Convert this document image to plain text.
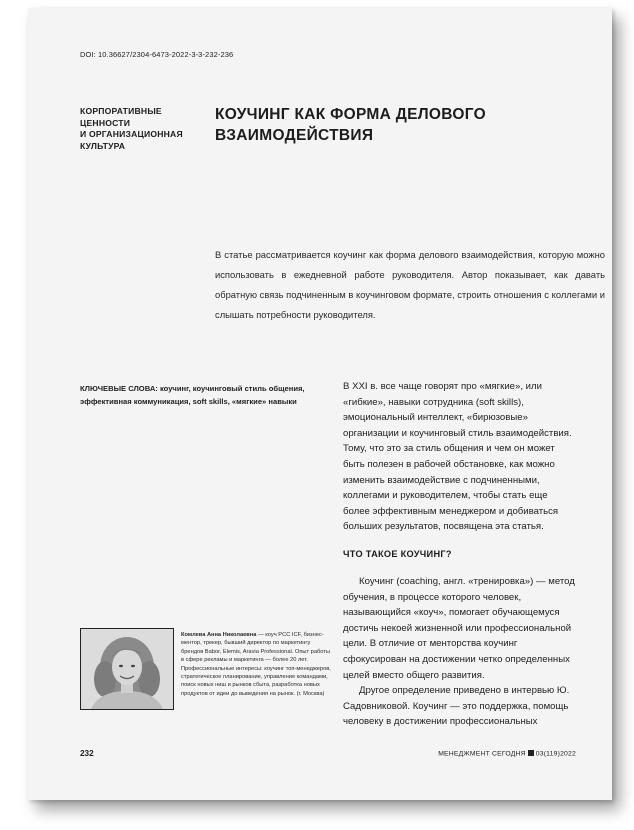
DOI: 10.36627/2304-6473-2022-3-3-232-236
КОРПОРАТИВНЫЕ
ЦЕННОСТИ
И ОРГАНИЗАЦИОННАЯ
КУЛЬТУРА
КОУЧИНГ КАК ФОРМА ДЕЛОВОГО
ВЗАИМОДЕЙСТВИЯ
В статье рассматривается коучинг как форма делового взаимодействия, которую можно использовать в ежедневной работе руководителя. Автор показывает, как давать обратную связь подчиненным в коучинговом формате, строить отношения с коллегами и слышать потребности руководителя.
КЛЮЧЕВЫЕ СЛОВА: коучинг, коучинговый стиль общения, эффективная коммуникация, soft skills, «мягкие» навыки
В XXI в. все чаще говорят про «мягкие», или «гибкие», навыки сотрудника (soft skills), эмоциональный интеллект, «бирюзовые» организации и коучинговый стиль взаимодействия. Тому, что это за стиль общения и чем он может быть полезен в рабочей обстановке, как можно изменить взаимодействие с подчиненными, коллегами и руководителем, чтобы стать еще более эффективным менеджером и добиваться больших результатов, посвящена эта статья.
ЧТО ТАКОЕ КОУЧИНГ?

Коучинг (coaching, англ. «тренировка») — метод обучения, в процессе которого человек, называющийся «коуч», помогает обучающемуся достичь некоей жизненной или профессиональной цели. В отличие от менторства коучинг сфокусирован на достижении четко определенных целей вместо общего развития.

Другое определение приведено в интервью Ю. Садовниковой. Коучинг — это поддержка, помощь человеку в достижении профессиональных

Комлева Анна Николаевна — коуч PCC ICF, бизнес-ментор, трекер, бывший директор по маркетингу брендов Babor, Elemis, Aravia Professional. Опыт работы в сфере рекламы и маркетинга — более 20 лет. Профессиональные интересы: коучинг топ-менеджеров, стратегическое планирование, управление командами, поиск новых ниш и рынков сбыта, разработка новых продуктов от идеи до выведения на рынок. (г. Москва)
232	МЕНЕДЖМЕНТ СЕГОДНЯ 03(119)2022
